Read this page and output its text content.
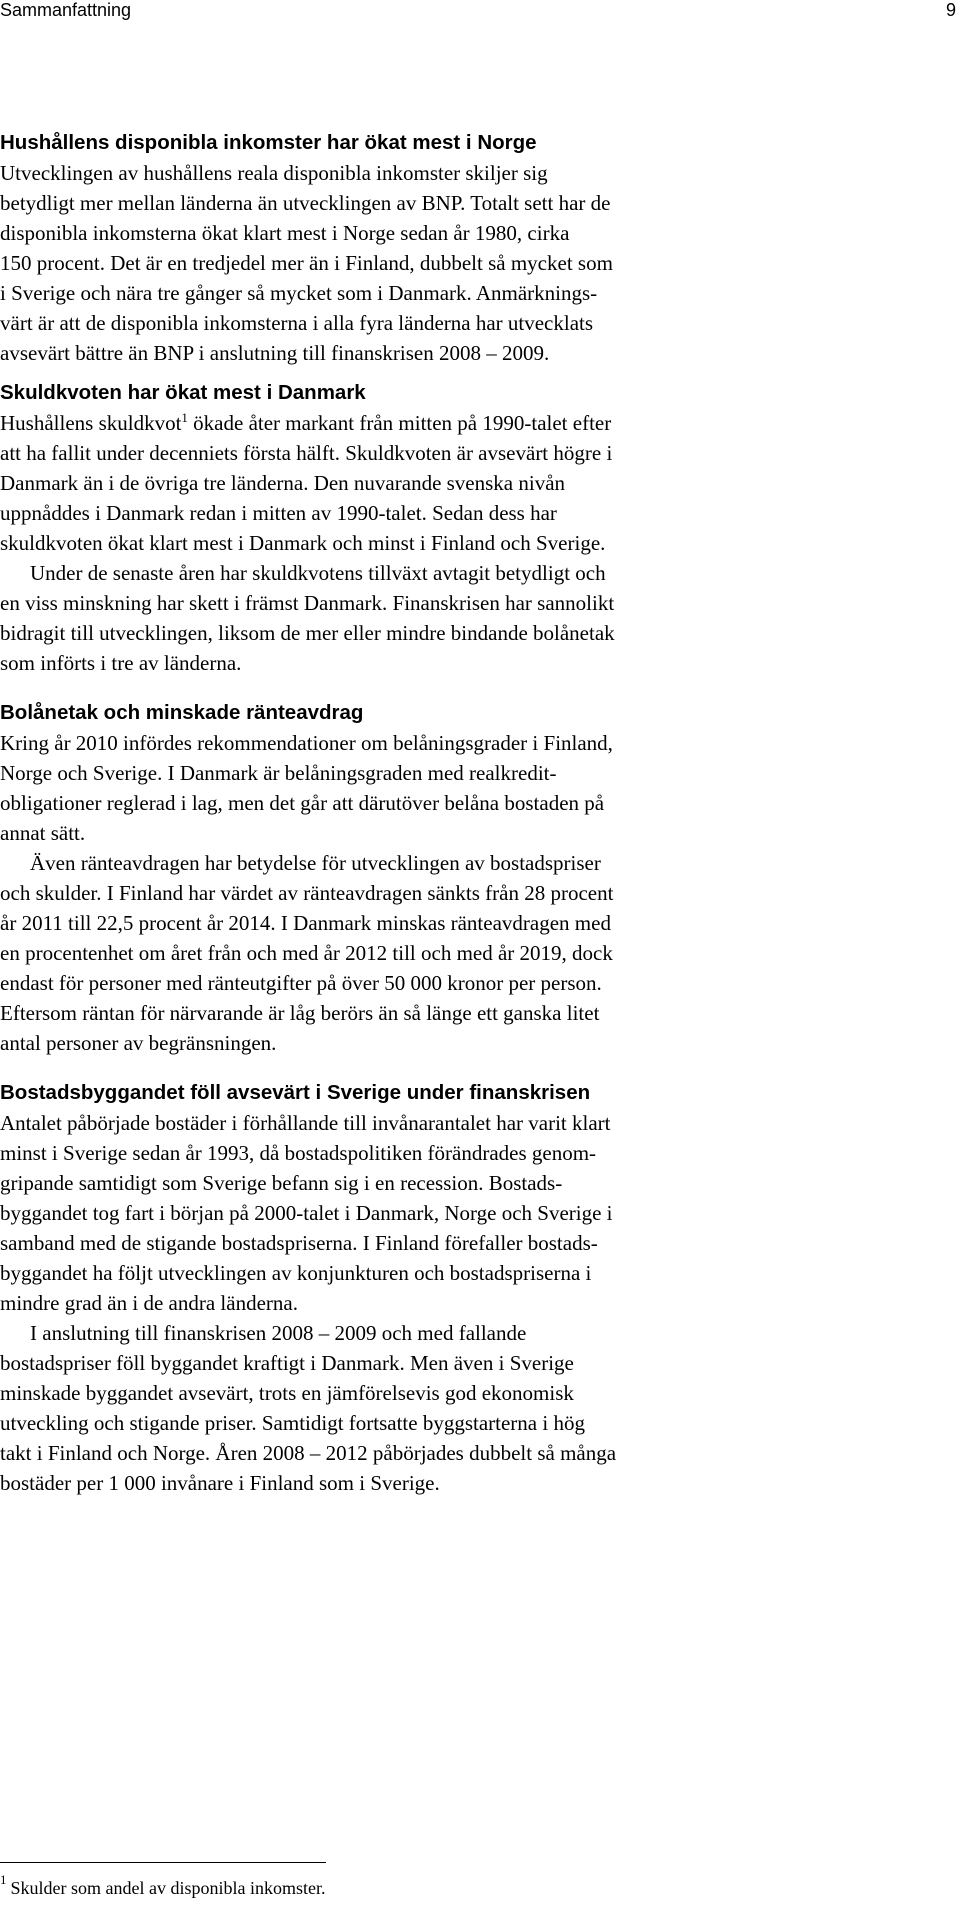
Sammanfattning	9
Hushållens disponibla inkomster har ökat mest i Norge

Utvecklingen av hushållens reala disponibla inkomster skiljer sig
betydligt mer mellan länderna än utvecklingen av BNP. Totalt sett har de
disponibla inkomsterna ökat klart mest i Norge sedan år 1980, cirka
150 procent. Det är en tredjedel mer än i Finland, dubbelt så mycket som
i Sverige och nära tre gånger så mycket som i Danmark. Anmärknings-
värt är att de disponibla inkomsterna i alla fyra länderna har utvecklats
avsevärt bättre än BNP i anslutning till finanskrisen 2008 – 2009.

Skuldkvoten har ökat mest i Danmark

Hushållens skuldkvot$^1$ ökade åter markant från mitten på 1990-talet efter
att ha fallit under decenniets första hälft. Skuldkvoten är avsevärt högre i
Danmark än i de övriga tre länderna. Den nuvarande svenska nivån
uppnåddes i Danmark redan i mitten av 1990-talet. Sedan dess har
skuldkvoten ökat klart mest i Danmark och minst i Finland och Sverige.

Under de senaste åren har skuldkvotens tillväxt avtagit betydligt och
en viss minskning har skett i främst Danmark. Finanskrisen har sannolikt
bidragit till utvecklingen, liksom de mer eller mindre bindande bolånetak
som införts i tre av länderna.

Bolånetak och minskade ränteavdrag

Kring år 2010 infördes rekommendationer om belåningsgrader i Finland,
Norge och Sverige. I Danmark är belåningsgraden med realkredit-
obligationer reglerad i lag, men det går att därutöver belåna bostaden på
annat sätt.

Även ränteavdragen har betydelse för utvecklingen av bostadspriser
och skulder. I Finland har värdet av ränteavdragen sänkts från 28 procent
år 2011 till 22,5 procent år 2014. I Danmark minskas ränteavdragen med
en procentenhet om året från och med år 2012 till och med år 2019, dock
endast för personer med ränteutgifter på över 50 000 kronor per person.
Eftersom räntan för närvarande är låg berörs än så länge ett ganska litet
antal personer av begränsningen.

Bostadsbyggandet föll avsevärt i Sverige under finanskrisen

Antalet påbörjade bostäder i förhållande till invånarantalet har varit klart
minst i Sverige sedan år 1993, då bostadspolitiken förändrades genom-
gripande samtidigt som Sverige befann sig i en recession. Bostads-
byggandet tog fart i början på 2000-talet i Danmark, Norge och Sverige i
samband med de stigande bostadspriserna. I Finland förefaller bostads-
byggandet ha följt utvecklingen av konjunkturen och bostadspriserna i
mindre grad än i de andra länderna.

I anslutning till finanskrisen 2008 – 2009 och med fallande
bostadspriser föll byggandet kraftigt i Danmark. Men även i Sverige
minskade byggandet avsevärt, trots en jämförelsevis god ekonomisk
utveckling och stigande priser. Samtidigt fortsatte byggstarterna i hög
takt i Finland och Norge. Åren 2008 – 2012 påbörjades dubbelt så många
bostäder per 1 000 invånare i Finland som i Sverige.

$^1$ Skulder som andel av disponibla inkomster.
